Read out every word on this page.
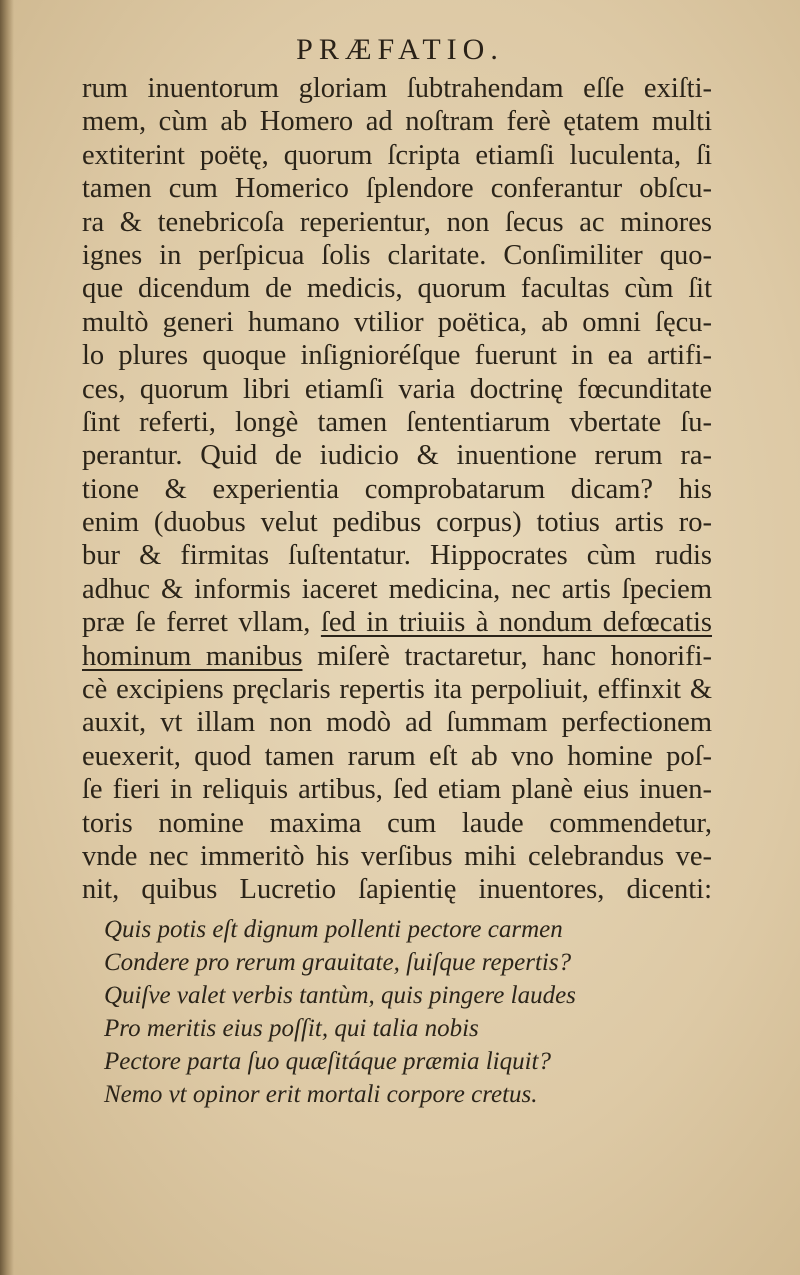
PRÆFATIO.
rum inuentorum gloriam ſubtrahendam eſſe exiſti-
mem, cùm ab Homero ad noſtram ferè ętatem multi
extiterint poëtę, quorum ſcripta etiamſi luculenta, ſi
tamen cum Homerico ſplendore conferantur obſcu-
ra & tenebricoſa reperientur, non ſecus ac minores
ignes in perſpicua ſolis claritate. Conſimiliter quo-
que dicendum de medicis, quorum facultas cùm ſit
multò generi humano vtilior poëtica, ab omni ſęcu-
lo plures quoque inſignioréſque fuerunt in ea artifi-
ces, quorum libri etiamſi varia doctrinę fœcunditate
ſint referti, longè tamen ſententiarum vbertate ſu-
perantur. Quid de iudicio & inuentione rerum ra-
tione & experientia comprobatarum dicam? his
enim (duobus velut pedibus corpus) totius artis ro-
bur & firmitas ſuſtentatur. Hippocrates cùm rudis
adhuc & informis iaceret medicina, nec artis ſpeciem
præ ſe ferret vllam, ſed in triuiis à nondum defœcatis
hominum manibus miſerè tractaretur, hanc honorifi-
cè excipiens pręclaris repertis ita perpoliuit, effinxit &
auxit, vt illam non modò ad ſummam perfectionem
euexerit, quod tamen rarum eſt ab vno homine poſ-
ſe fieri in reliquis artibus, ſed etiam planè eius inuen-
toris nomine maxima cum laude commendetur,
vnde nec immeritò his verſibus mihi celebrandus ve-
nit, quibus Lucretio ſapientię inuentores, dicenti:
Quis potis eſt dignum pollenti pectore carmen
Condere pro rerum grauitate, ſuiſque repertis?
Quiſve valet verbis tantùm, quis pingere laudes
Pro meritis eius poſſit, qui talia nobis
Pectore parta ſuo quæſitáque præmia liquit?
Nemo vt opinor erit mortali corpore cretus.
